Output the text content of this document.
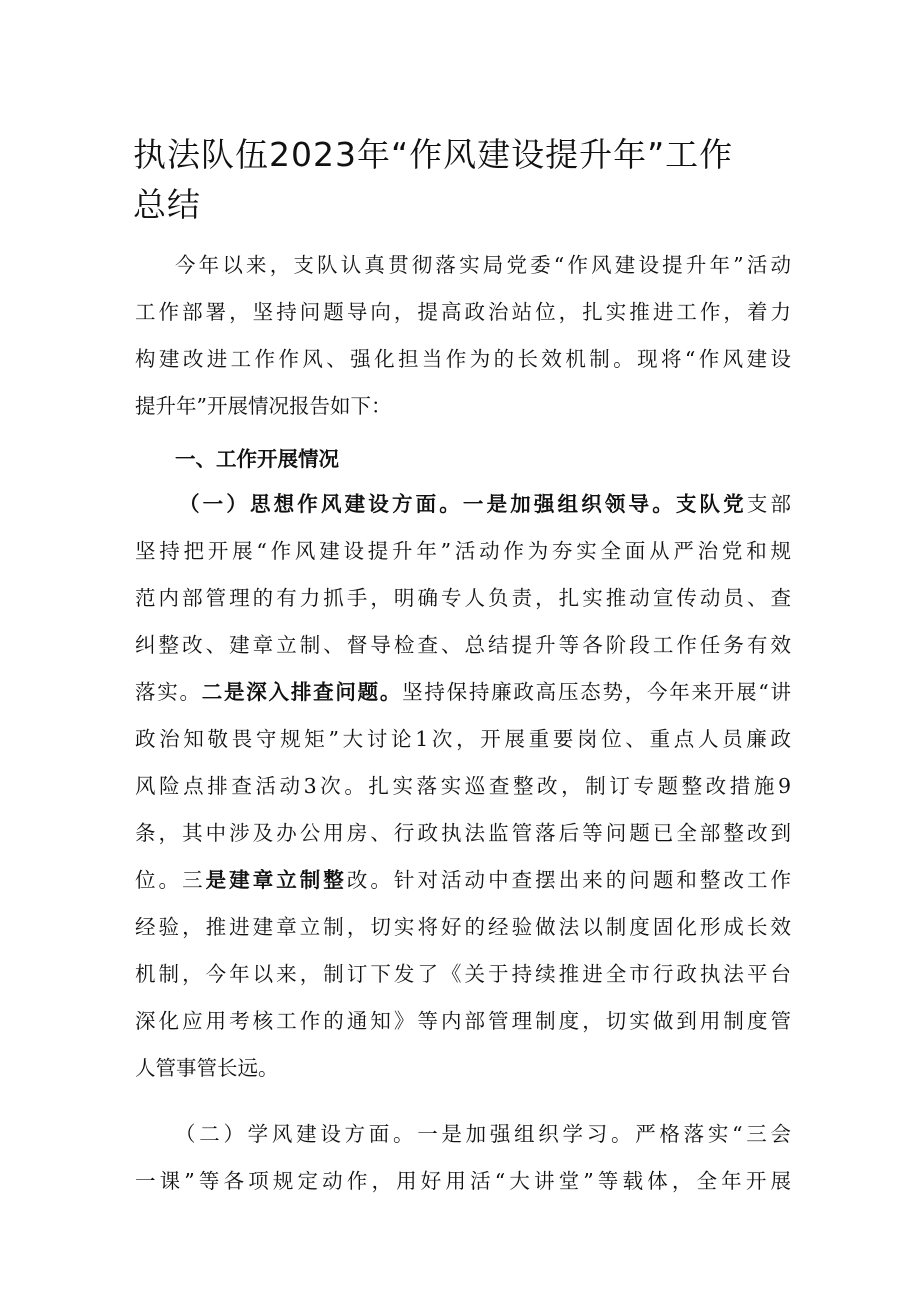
执法队伍2023年“作风建设提升年”工作
总结
今年以来，支队认真贯彻落实局党委“作风建设提升年”活动
工作部署，坚持问题导向，提高政治站位，扎实推进工作，着力
构建改进工作作风、强化担当作为的长效机制。现将“作风建设
提升年”开展情况报告如下：
一、工作开展情况
（一）思想作风建设方面。一是加强组织领导。支队党支部
坚持把开展“作风建设提升年”活动作为夯实全面从严治党和规
范内部管理的有力抓手，明确专人负责，扎实推动宣传动员、查
纠整改、建章立制、督导检查、总结提升等各阶段工作任务有效
落实。二是深入排查问题。坚持保持廉政高压态势，今年来开展“讲
政治知敬畏守规矩”大讨论1次，开展重要岗位、重点人员廉政
风险点排查活动3次。扎实落实巡查整改，制订专题整改措施9
条，其中涉及办公用房、行政执法监管落后等问题已全部整改到
位。三是建章立制整改。针对活动中查摆出来的问题和整改工作
经验，推进建章立制，切实将好的经验做法以制度固化形成长效
机制，今年以来，制订下发了《关于持续推进全市行政执法平台
深化应用考核工作的通知》等内部管理制度，切实做到用制度管
人管事管长远。
（二）学风建设方面。一是加强组织学习。严格落实“三会
一课”等各项规定动作，用好用活“大讲堂”等载体，全年开展
